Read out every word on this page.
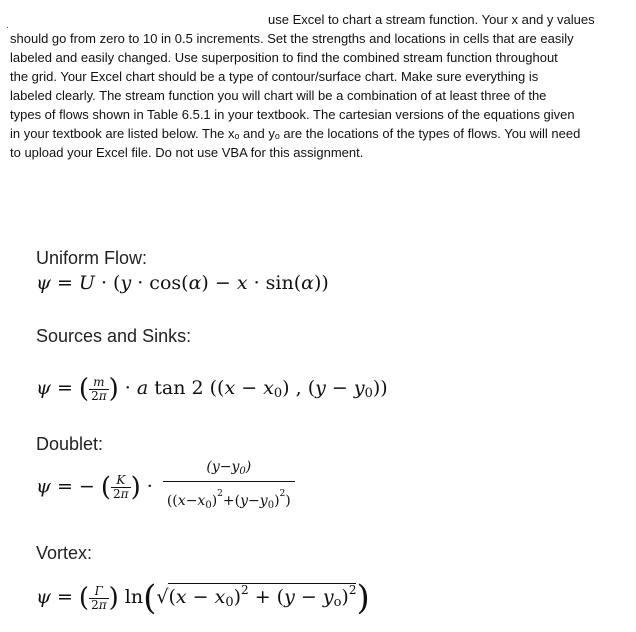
.	use Excel to chart a stream function. Your x and y values
should go from zero to 10 in 0.5 increments. Set the strengths and locations in cells that are easily
labeled and easily changed. Use superposition to find the combined stream function throughout
the grid. Your Excel chart should be a type of contour/surface chart. Make sure everything is
labeled clearly. The stream function you will chart will be a combination of at least three of the
types of flows shown in Table 6.5.1 in your textbook. The cartesian versions of the equations given
in your textbook are listed below. The xₒ and yₒ are the locations of the types of flows. You will need
to upload your Excel file. Do not use VBA for this assignment.
Uniform Flow:
ψ = U · (y · cos(α) − x · sin(α))
Sources and Sinks:
ψ = ( $\frac{m}{2\pi}$ ) · a tan 2 ($(x - x_0)$ , $(y - y_0)$)
Doublet:
ψ = − ( $\frac{K}{2\pi}$ ) · $\frac{(y-y_0)}{((x-x_0)^2+(y-y_0)^2)}$
Vortex:
ψ = ( $\frac{\Gamma}{2\pi}$ ) $\ln(√(x - x_0)^2 + (y - y_o)^2)$
